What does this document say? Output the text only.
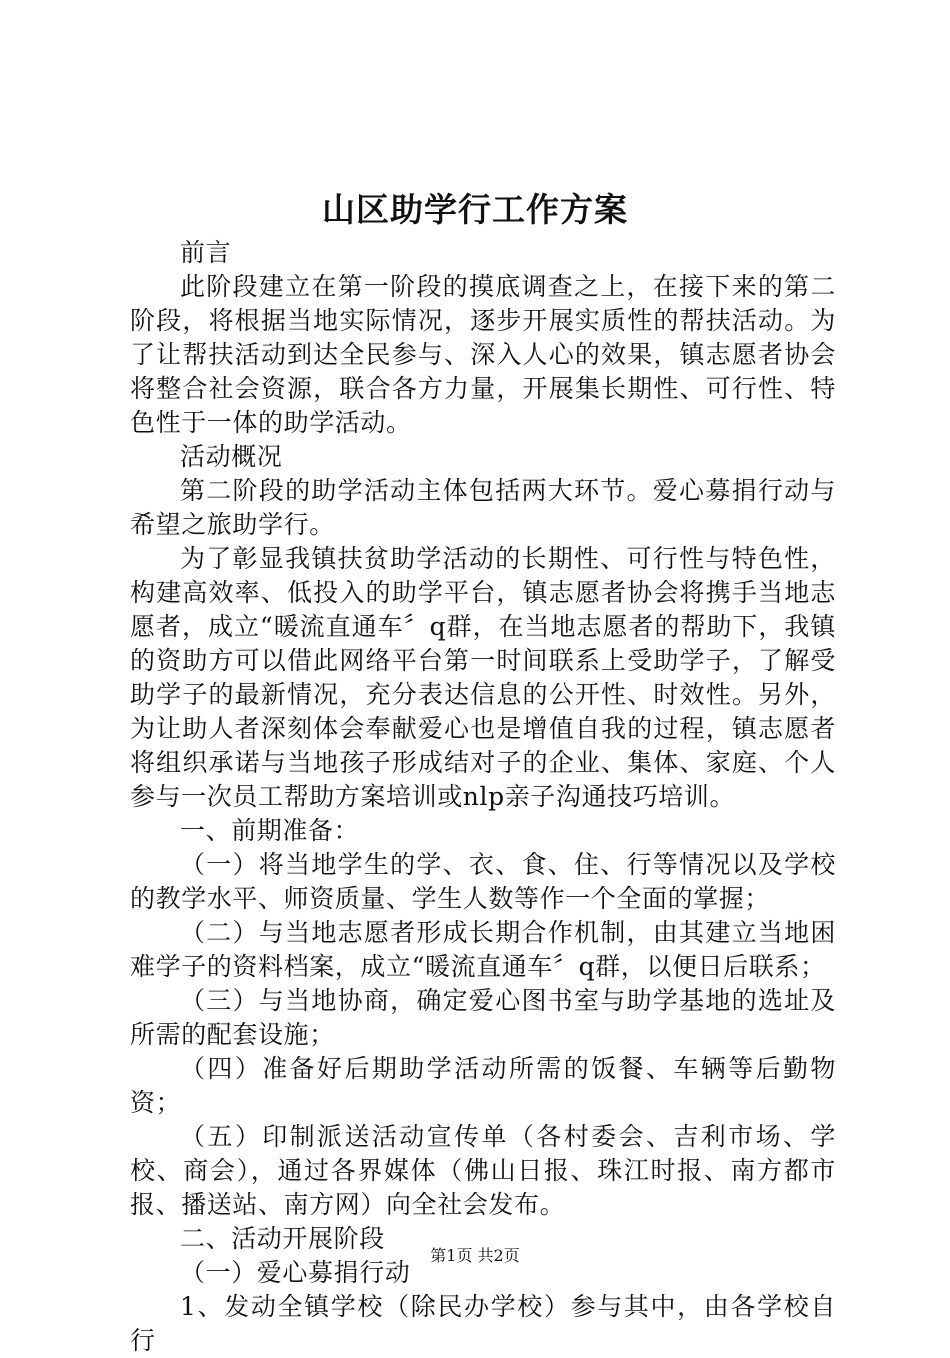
山区助学行工作方案

前言

此阶段建立在第一阶段的摸底调查之上，在接下来的第二阶段，将根据当地实际情况，逐步开展实质性的帮扶活动。为了让帮扶活动到达全民参与、深入人心的效果，镇志愿者协会将整合社会资源，联合各方力量，开展集长期性、可行性、特色性于一体的助学活动。

活动概况

第二阶段的助学活动主体包括两大环节。爱心募捐行动与希望之旅助学行。

为了彰显我镇扶贫助学活动的长期性、可行性与特色性，构建高效率、低投入的助学平台，镇志愿者协会将携手当地志愿者，成立“暖流直通车〞q群，在当地志愿者的帮助下，我镇的资助方可以借此网络平台第一时间联系上受助学子，了解受助学子的最新情况，充分表达信息的公开性、时效性。另外，为让助人者深刻体会奉献爱心也是增值自我的过程，镇志愿者将组织承诺与当地孩子形成结对子的企业、集体、家庭、个人参与一次员工帮助方案培训或nlp亲子沟通技巧培训。

一、前期准备：

（一）将当地学生的学、衣、食、住、行等情况以及学校的教学水平、师资质量、学生人数等作一个全面的掌握；

（二）与当地志愿者形成长期合作机制，由其建立当地困难学子的资料档案，成立“暖流直通车〞q群，以便日后联系；

（三）与当地协商，确定爱心图书室与助学基地的选址及所需的配套设施；

（四）准备好后期助学活动所需的饭餐、车辆等后勤物资；

（五）印制派送活动宣传单（各村委会、吉利市场、学校、商会），通过各界媒体（佛山日报、珠江时报、南方都市报、播送站、南方网）向全社会发布。

二、活动开展阶段

（一）爱心募捐行动

1、发动全镇学校（除民办学校）参与其中，由各学校自行

第1页 共2页
